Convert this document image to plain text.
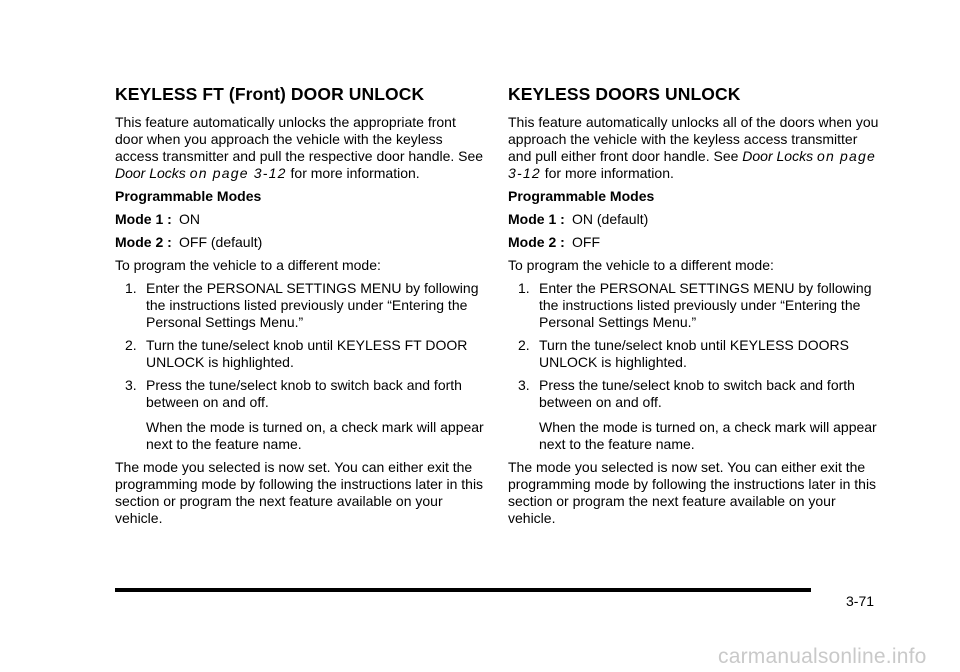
KEYLESS FT (Front) DOOR UNLOCK

This feature automatically unlocks the appropriate front door when you approach the vehicle with the keyless access transmitter and pull the respective door handle. See Door Locks on page 3-12 for more information.

Programmable Modes

Mode 1 : ON
Mode 2 : OFF (default)

To program the vehicle to a different mode:

1. Enter the PERSONAL SETTINGS MENU by following the instructions listed previously under “Entering the Personal Settings Menu.”
2. Turn the tune/select knob until KEYLESS FT DOOR UNLOCK is highlighted.
3. Press the tune/select knob to switch back and forth between on and off.
When the mode is turned on, a check mark will appear next to the feature name.

The mode you selected is now set. You can either exit the programming mode by following the instructions later in this section or program the next feature available on your vehicle.

KEYLESS DOORS UNLOCK

This feature automatically unlocks all of the doors when you approach the vehicle with the keyless access transmitter and pull either front door handle. See Door Locks on page 3-12 for more information.

Programmable Modes

Mode 1 : ON (default)
Mode 2 : OFF

To program the vehicle to a different mode:

1. Enter the PERSONAL SETTINGS MENU by following the instructions listed previously under “Entering the Personal Settings Menu.”
2. Turn the tune/select knob until KEYLESS DOORS UNLOCK is highlighted.
3. Press the tune/select knob to switch back and forth between on and off.
When the mode is turned on, a check mark will appear next to the feature name.

The mode you selected is now set. You can either exit the programming mode by following the instructions later in this section or program the next feature available on your vehicle.

3-71
carmanualsonline.info
